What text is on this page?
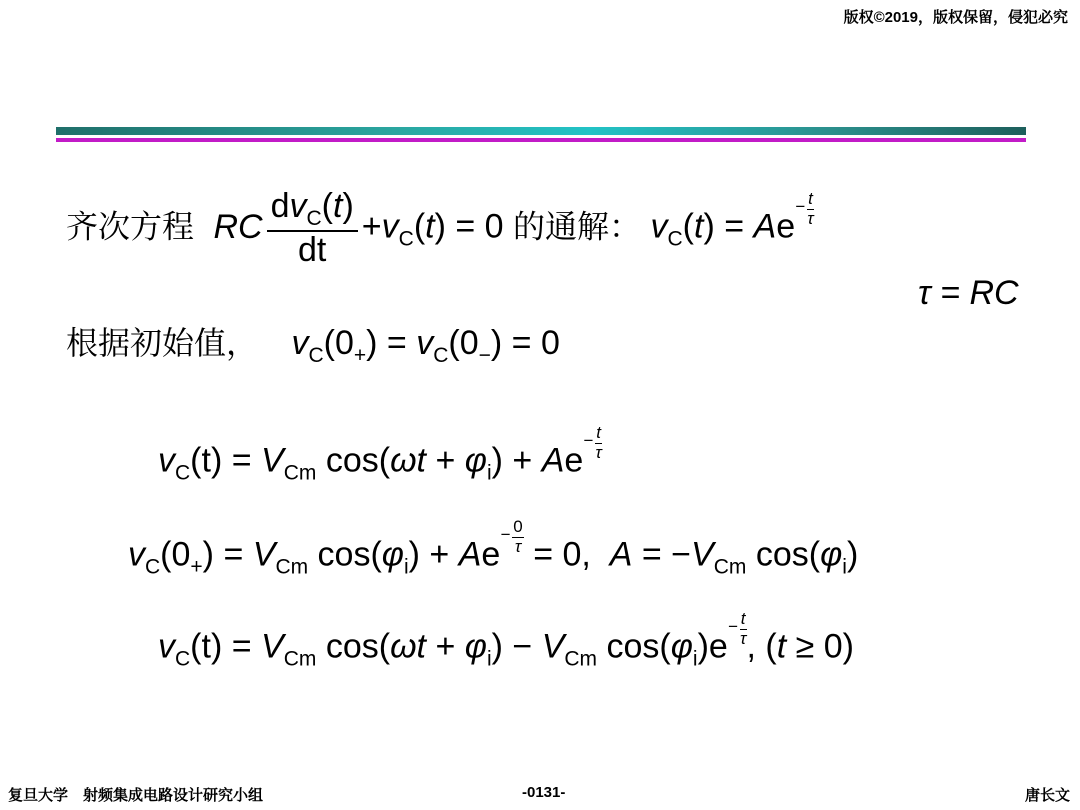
版权©2019，版权保留，侵犯必究
齐次方程 RC $\frac{dv_C(t)}{dt} +v_C(t) = 0$ 的通解： $v_C(t) = Ae- \frac{t}{\tau}$
τ = RC
根据初始值， $v_C(0_+) = v_C(0_-) = 0$
$v_C(t) = V_{Cm}$ $\cos(\omega t + \varphi_i) + Ae- \frac{t}{\tau}$
$v_C(0_+) = V_{Cm}$ $\cos(\varphi_i) + Ae- \frac{0}{\tau} = 0$,  $A = -V_{Cm}$ $\cos(\varphi_i)$
$v_C(t) = V_{Cm}$ $\cos(\omega t + \varphi_i) - V_{Cm}$ $\cos(\varphi_i)e- \frac{t}{\tau}$ , (t ≥ 0)
复旦大学　射频集成电路设计研究小组	-0131-	唐长文
